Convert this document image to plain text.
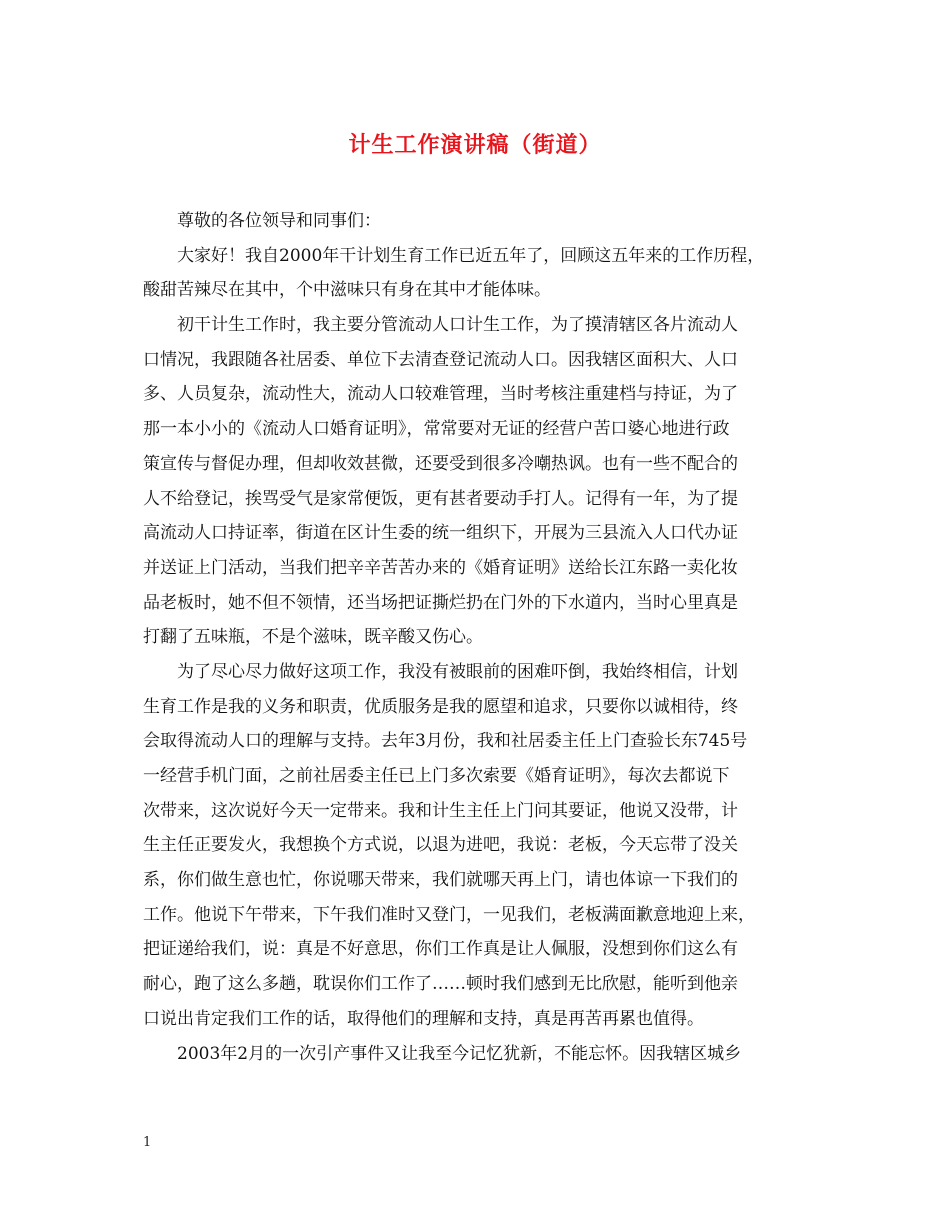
计生工作演讲稿（街道）
尊敬的各位领导和同事们：
大家好！我自2000年干计划生育工作已近五年了，回顾这五年来的工作历程，
酸甜苦辣尽在其中，个中滋味只有身在其中才能体味。
初干计生工作时，我主要分管流动人口计生工作，为了摸清辖区各片流动人
口情况，我跟随各社居委、单位下去清查登记流动人口。因我辖区面积大、人口
多、人员复杂，流动性大，流动人口较难管理，当时考核注重建档与持证，为了
那一本小小的《流动人口婚育证明》，常常要对无证的经营户苦口婆心地进行政
策宣传与督促办理，但却收效甚微，还要受到很多冷嘲热讽。也有一些不配合的
人不给登记，挨骂受气是家常便饭，更有甚者要动手打人。记得有一年，为了提
高流动人口持证率，街道在区计生委的统一组织下，开展为三县流入人口代办证
并送证上门活动，当我们把辛辛苦苦办来的《婚育证明》送给长江东路一卖化妆
品老板时，她不但不领情，还当场把证撕烂扔在门外的下水道内，当时心里真是
打翻了五味瓶，不是个滋味，既辛酸又伤心。
为了尽心尽力做好这项工作，我没有被眼前的困难吓倒，我始终相信，计划
生育工作是我的义务和职责，优质服务是我的愿望和追求，只要你以诚相待，终
会取得流动人口的理解与支持。去年3月份，我和社居委主任上门查验长东745号
一经营手机门面，之前社居委主任已上门多次索要《婚育证明》，每次去都说下
次带来，这次说好今天一定带来。我和计生主任上门问其要证，他说又没带，计
生主任正要发火，我想换个方式说，以退为进吧，我说：老板，今天忘带了没关
系，你们做生意也忙，你说哪天带来，我们就哪天再上门，请也体谅一下我们的
工作。他说下午带来，下午我们准时又登门，一见我们，老板满面歉意地迎上来，
把证递给我们，说：真是不好意思，你们工作真是让人佩服，没想到你们这么有
耐心，跑了这么多趟，耽误你们工作了……顿时我们感到无比欣慰，能听到他亲
口说出肯定我们工作的话，取得他们的理解和支持，真是再苦再累也值得。
2003年2月的一次引产事件又让我至今记忆犹新，不能忘怀。因我辖区城乡
1
